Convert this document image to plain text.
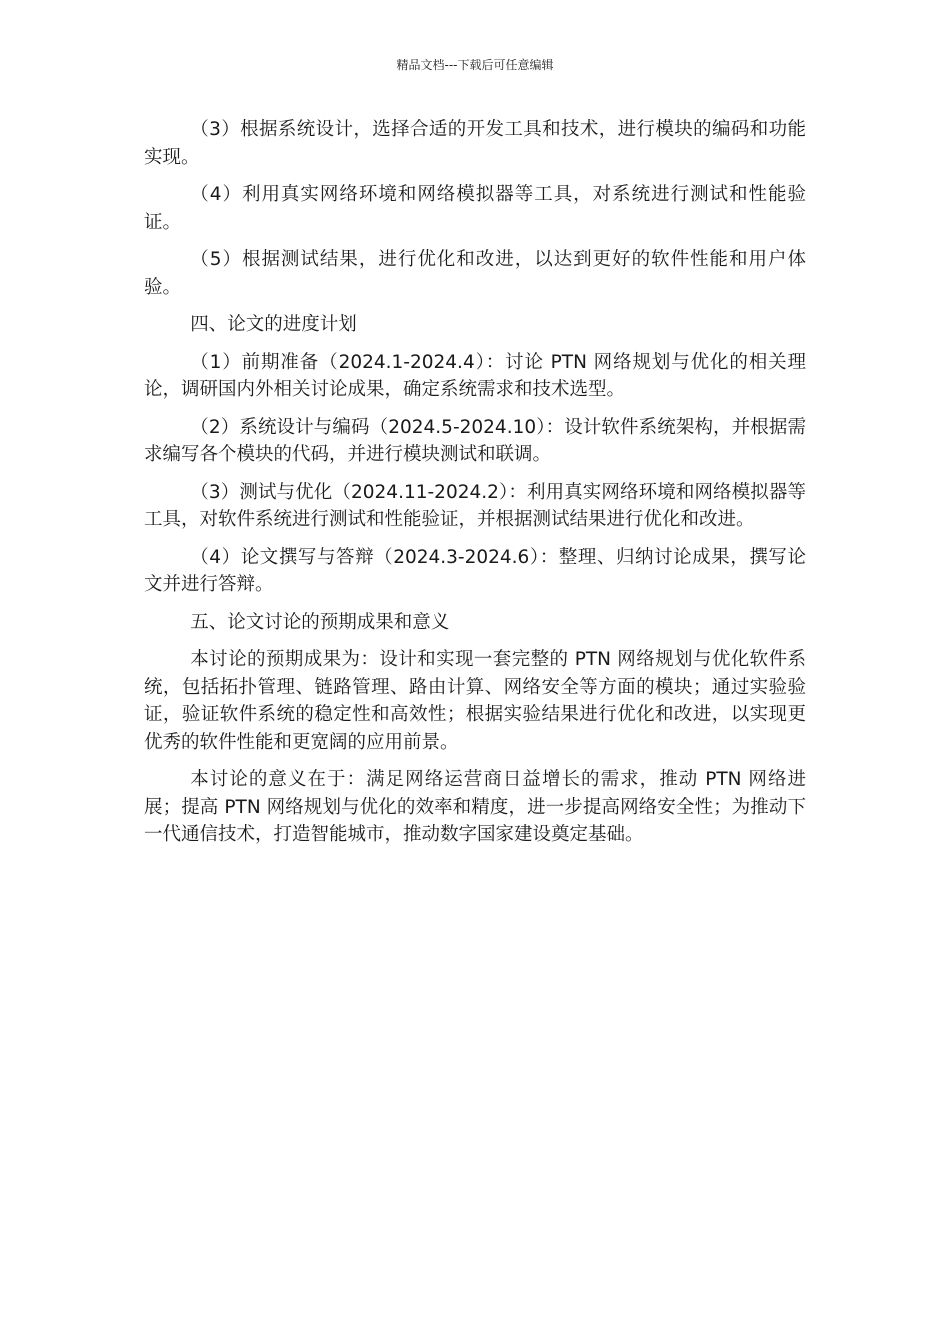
精品文档---下载后可任意编辑

（3）根据系统设计，选择合适的开发工具和技术，进行模块的编码和功能实现。

（4）利用真实网络环境和网络模拟器等工具，对系统进行测试和性能验证。

（5）根据测试结果，进行优化和改进，以达到更好的软件性能和用户体验。

四、论文的进度计划

（1）前期准备（2024.1-2024.4）：讨论 PTN 网络规划与优化的相关理论，调研国内外相关讨论成果，确定系统需求和技术选型。

（2）系统设计与编码（2024.5-2024.10）：设计软件系统架构，并根据需求编写各个模块的代码，并进行模块测试和联调。

（3）测试与优化（2024.11-2024.2）：利用真实网络环境和网络模拟器等工具，对软件系统进行测试和性能验证，并根据测试结果进行优化和改进。

（4）论文撰写与答辩（2024.3-2024.6）：整理、归纳讨论成果，撰写论文并进行答辩。

五、论文讨论的预期成果和意义

本讨论的预期成果为：设计和实现一套完整的 PTN 网络规划与优化软件系统，包括拓扑管理、链路管理、路由计算、网络安全等方面的模块；通过实验验证，验证软件系统的稳定性和高效性；根据实验结果进行优化和改进，以实现更优秀的软件性能和更宽阔的应用前景。

本讨论的意义在于：满足网络运营商日益增长的需求，推动 PTN 网络进展；提高 PTN 网络规划与优化的效率和精度，进一步提高网络安全性；为推动下一代通信技术，打造智能城市，推动数字国家建设奠定基础。
